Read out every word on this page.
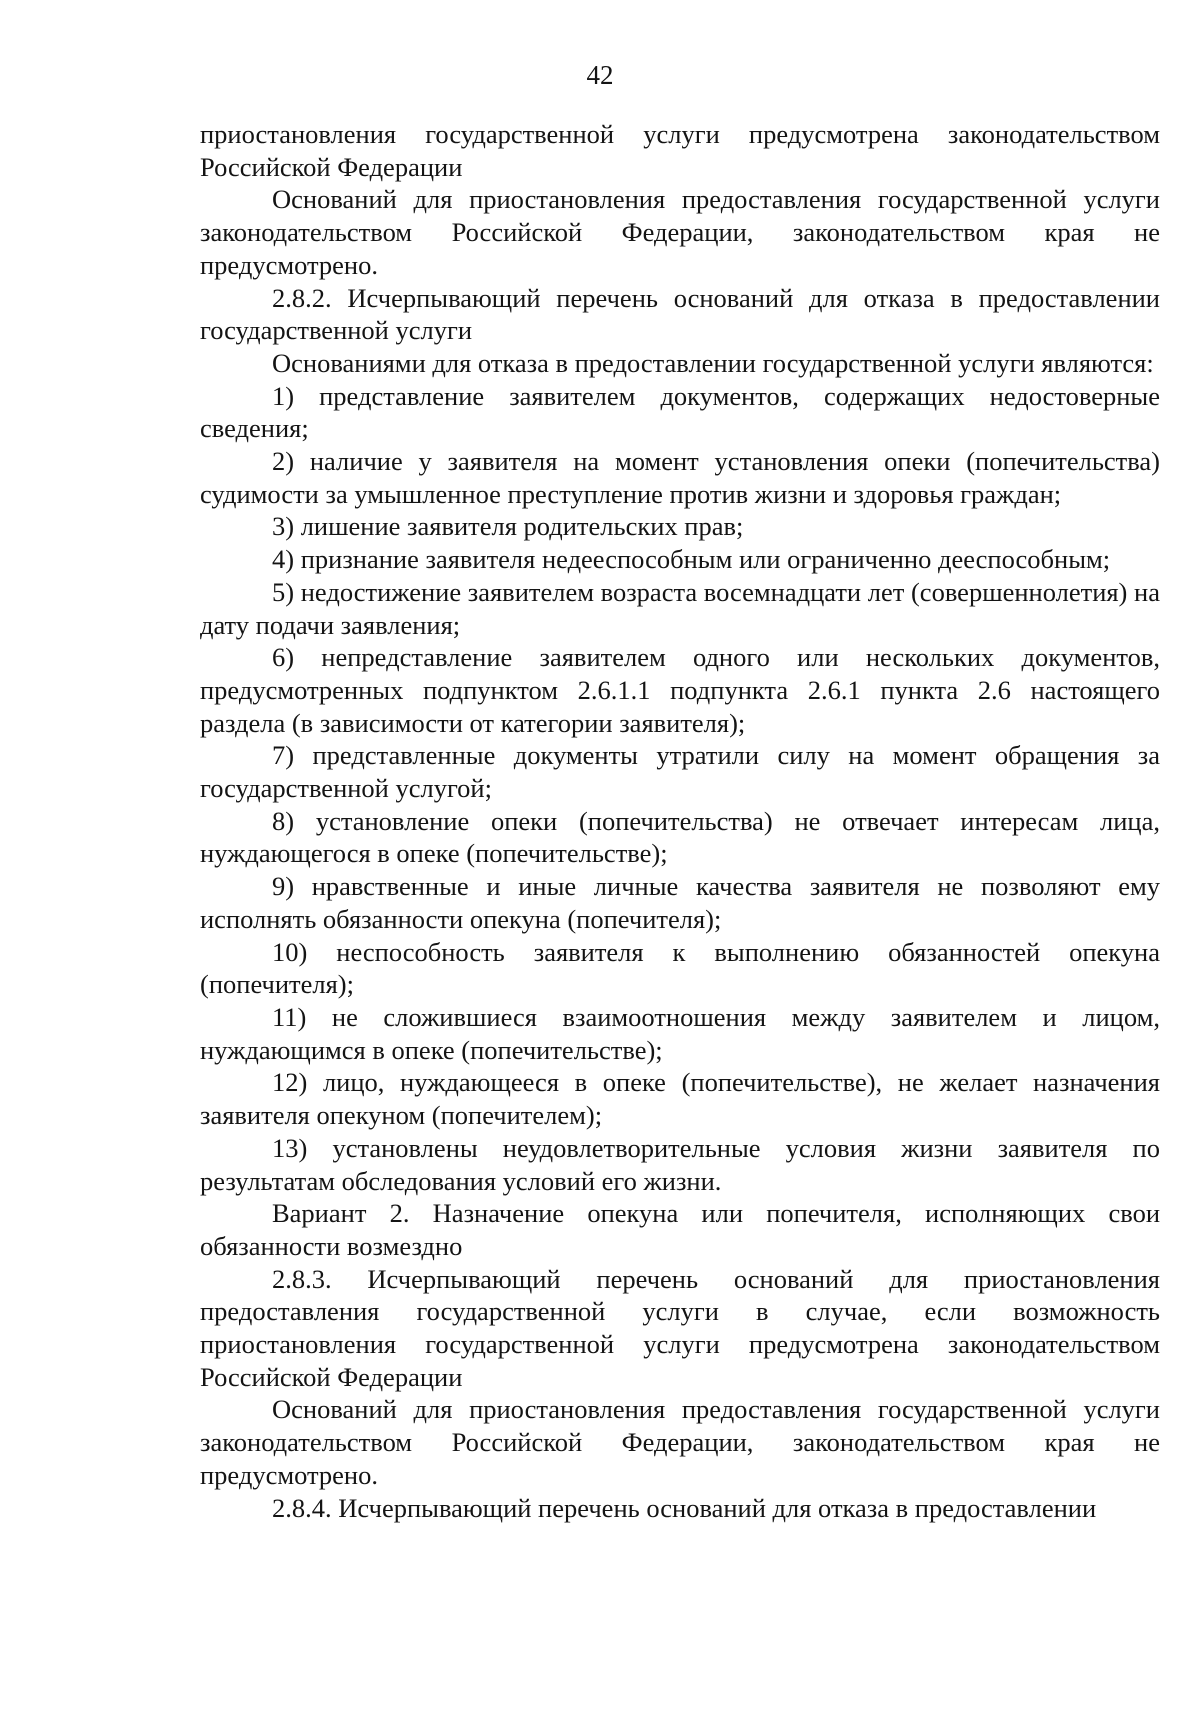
42

приостановления государственной услуги предусмотрена законодательством Российской Федерации

Оснований для приостановления предоставления государственной услуги законодательством Российской Федерации, законодательством края не предусмотрено.

2.8.2. Исчерпывающий перечень оснований для отказа в предоставлении государственной услуги

Основаниями для отказа в предоставлении государственной услуги являются:

1) представление заявителем документов, содержащих недостоверные сведения;

2) наличие у заявителя на момент установления опеки (попечительства) судимости за умышленное преступление против жизни и здоровья граждан;

3) лишение заявителя родительских прав;

4) признание заявителя недееспособным или ограниченно дееспособным;

5) недостижение заявителем возраста восемнадцати лет (совершеннолетия) на дату подачи заявления;

6) непредставление заявителем одного или нескольких документов, предусмотренных подпунктом 2.6.1.1 подпункта 2.6.1 пункта 2.6 настоящего раздела (в зависимости от категории заявителя);

7) представленные документы утратили силу на момент обращения за государственной услугой;

8) установление опеки (попечительства) не отвечает интересам лица, нуждающегося в опеке (попечительстве);

9) нравственные и иные личные качества заявителя не позволяют ему исполнять обязанности опекуна (попечителя);

10) неспособность заявителя к выполнению обязанностей опекуна (попечителя);

11) не сложившиеся взаимоотношения между заявителем и лицом, нуждающимся в опеке (попечительстве);

12) лицо, нуждающееся в опеке (попечительстве), не желает назначения заявителя опекуном (попечителем);

13) установлены неудовлетворительные условия жизни заявителя по результатам обследования условий его жизни.

Вариант 2. Назначение опекуна или попечителя, исполняющих свои обязанности возмездно

2.8.3. Исчерпывающий перечень оснований для приостановления предоставления государственной услуги в случае, если возможность приостановления государственной услуги предусмотрена законодательством Российской Федерации

Оснований для приостановления предоставления государственной услуги законодательством Российской Федерации, законодательством края не предусмотрено.

2.8.4. Исчерпывающий перечень оснований для отказа в предоставлении
